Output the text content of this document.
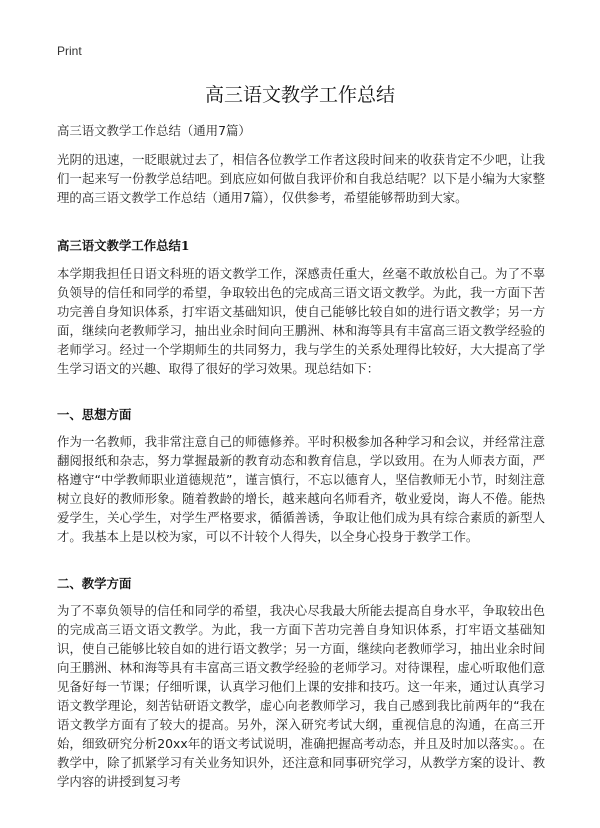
Print
高三语文教学工作总结

高三语文教学工作总结（通用7篇）

光阴的迅速，一眨眼就过去了，相信各位教学工作者这段时间来的收获肯定不少吧，让我们一起来写一份教学总结吧。到底应如何做自我评价和自我总结呢？以下是小编为大家整理的高三语文教学工作总结（通用7篇），仅供参考，希望能够帮助到大家。

高三语文教学工作总结1

本学期我担任日语文科班的语文教学工作，深感责任重大，丝毫不敢放松自己。为了不辜负领导的信任和同学的希望，争取较出色的完成高三语文语文教学。为此，我一方面下苦功完善自身知识体系，打牢语文基础知识，使自己能够比较自如的进行语文教学；另一方面，继续向老教师学习，抽出业余时间向王鹏洲、林和海等具有丰富高三语文教学经验的老师学习。经过一个学期师生的共同努力，我与学生的关系处理得比较好，大大提高了学生学习语文的兴趣、取得了很好的学习效果。现总结如下：

一、思想方面

作为一名教师，我非常注意自己的师德修养。平时积极参加各种学习和会议，并经常注意翻阅报纸和杂志，努力掌握最新的教育动态和教育信息，学以致用。在为人师表方面，严格遵守“中学教师职业道德规范”，谨言慎行，不忘以德育人，坚信教师无小节，时刻注意树立良好的教师形象。随着教龄的增长，越来越向名师看齐，敬业爱岗，诲人不倦。能热爱学生，关心学生，对学生严格要求，循循善诱，争取让他们成为具有综合素质的新型人才。我基本上是以校为家，可以不计较个人得失，以全身心投身于教学工作。

二、教学方面

为了不辜负领导的信任和同学的希望，我决心尽我最大所能去提高自身水平，争取较出色的完成高三语文语文教学。为此，我一方面下苦功完善自身知识体系，打牢语文基础知识，使自己能够比较自如的进行语文教学；另一方面，继续向老教师学习，抽出业余时间向王鹏洲、林和海等具有丰富高三语文教学经验的老师学习。对待课程，虚心听取他们意见备好每一节课；仔细听课，认真学习他们上课的安排和技巧。这一年来，通过认真学习语文教学理论，刻苦钻研语文教学，虚心向老教师学习，我自己感到我比前两年的“我在语文教学方面有了较大的提高。另外，深入研究考试大纲，重视信息的沟通，在高三开始，细致研究分析20xx年的语文考试说明，准确把握高考动态，并且及时加以落实。。在教学中，除了抓紧学习有关业务知识外，还注意和同事研究学习，从教学方案的设计、教学内容的讲授到复习考
